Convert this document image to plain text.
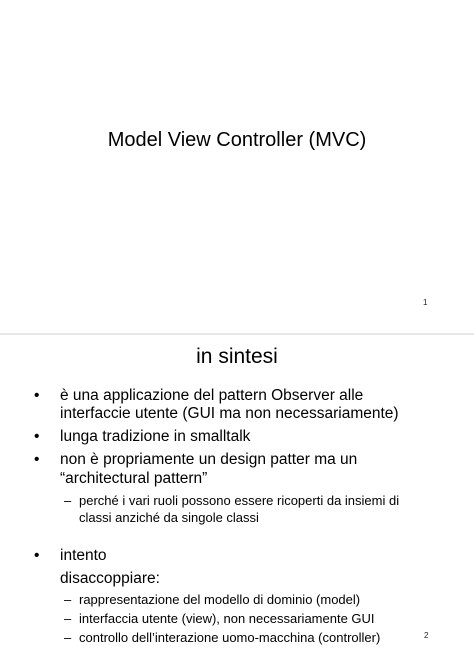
Model View Controller (MVC)
1
in sintesi
•	è una applicazione del pattern Observer alle
interfaccie utente (GUI ma non necessariamente)
•	lunga tradizione in smalltalk
•	non è propriamente un design patter ma un
“architectural pattern”
– perché i vari ruoli possono essere ricoperti da insiemi di
classi anziché da singole classi
•	intento
disaccoppiare:
– rappresentazione del modello di dominio (model)
– interfaccia utente (view), non necessariamente GUI
– controllo dell’interazione uomo-macchina (controller)	2
